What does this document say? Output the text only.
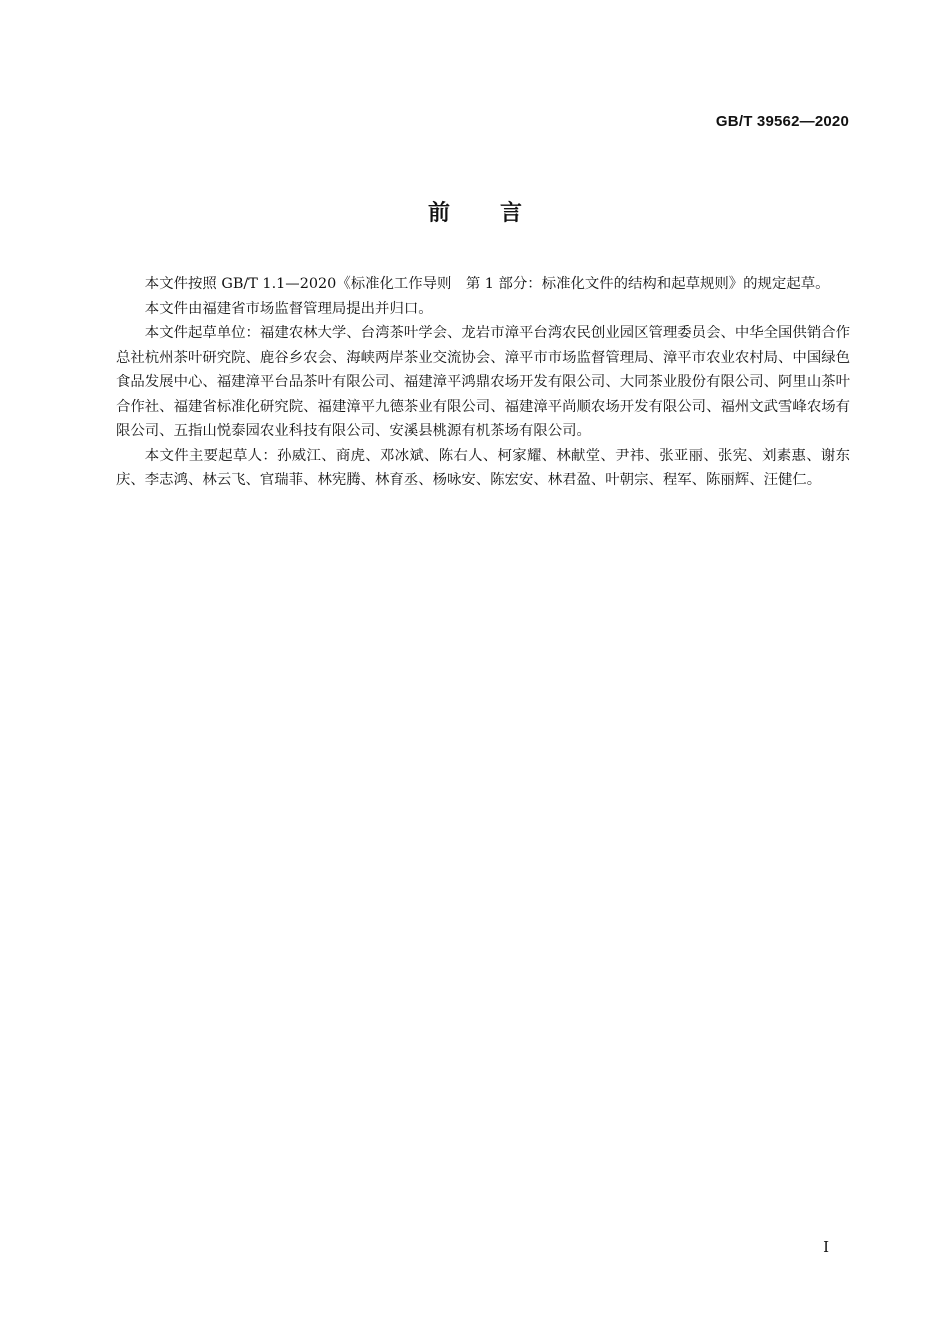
GB/T 39562—2020
前言

本文件按照 GB/T 1.1—2020《标准化工作导则　第 1 部分：标准化文件的结构和起草规则》的规定起草。

本文件由福建省市场监督管理局提出并归口。

本文件起草单位：福建农林大学、台湾茶叶学会、龙岩市漳平台湾农民创业园区管理委员会、中华全国供销合作总社杭州茶叶研究院、鹿谷乡农会、海峡两岸茶业交流协会、漳平市市场监督管理局、漳平市农业农村局、中国绿色食品发展中心、福建漳平台品茶叶有限公司、福建漳平鸿鼎农场开发有限公司、大同茶业股份有限公司、阿里山茶叶合作社、福建省标准化研究院、福建漳平九德茶业有限公司、福建漳平尚顺农场开发有限公司、福州文武雪峰农场有限公司、五指山悦泰园农业科技有限公司、安溪县桃源有机茶场有限公司。

本文件主要起草人：孙威江、商虎、邓冰斌、陈右人、柯家耀、林献堂、尹祎、张亚丽、张宪、刘素惠、谢东庆、李志鸿、林云飞、官瑞菲、林宪腾、林育丞、杨咏安、陈宏安、林君盈、叶朝宗、程军、陈丽辉、汪健仁。

I
